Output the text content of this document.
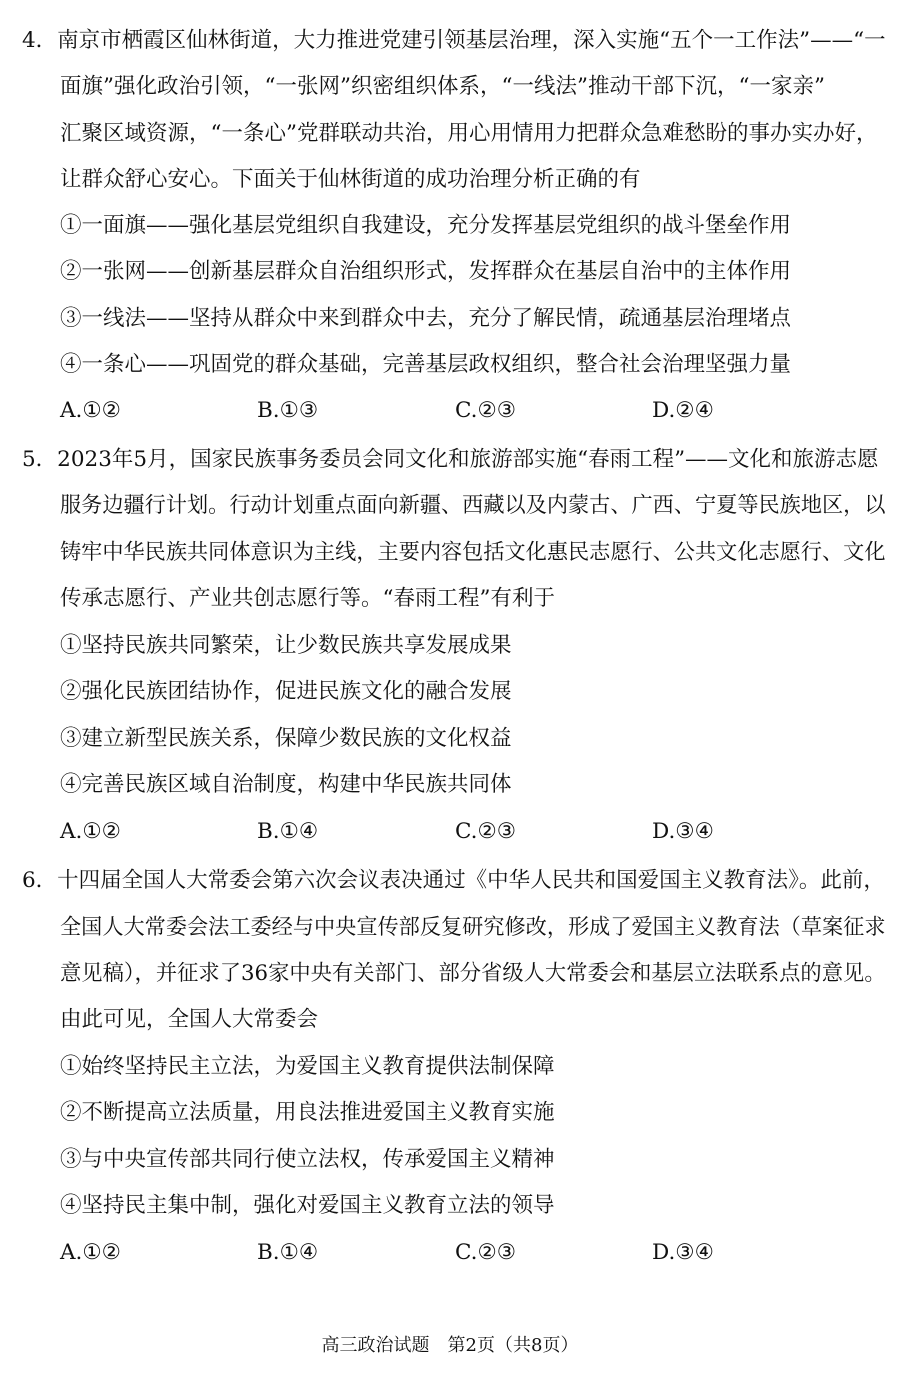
4．南京市栖霞区仙林街道，大力推进党建引领基层治理，深入实施“五个一工作法”——“一
面旗”强化政治引领，“一张网”织密组织体系，“一线法”推动干部下沉，“一家亲”
汇聚区域资源，“一条心”党群联动共治，用心用情用力把群众急难愁盼的事办实办好，
让群众舒心安心。下面关于仙林街道的成功治理分析正确的有
①一面旗——强化基层党组织自我建设，充分发挥基层党组织的战斗堡垒作用
②一张网——创新基层群众自治组织形式，发挥群众在基层自治中的主体作用
③一线法——坚持从群众中来到群众中去，充分了解民情，疏通基层治理堵点
④一条心——巩固党的群众基础，完善基层政权组织，整合社会治理坚强力量
A.①②	B.①③	C.②③	D.②④
5．2023年5月，国家民族事务委员会同文化和旅游部实施“春雨工程”——文化和旅游志愿
服务边疆行计划。行动计划重点面向新疆、西藏以及内蒙古、广西、宁夏等民族地区，以
铸牢中华民族共同体意识为主线，主要内容包括文化惠民志愿行、公共文化志愿行、文化
传承志愿行、产业共创志愿行等。“春雨工程”有利于
①坚持民族共同繁荣，让少数民族共享发展成果
②强化民族团结协作，促进民族文化的融合发展
③建立新型民族关系，保障少数民族的文化权益
④完善民族区域自治制度，构建中华民族共同体
A.①②	B.①④	C.②③	D.③④
6．十四届全国人大常委会第六次会议表决通过《中华人民共和国爱国主义教育法》。此前，
全国人大常委会法工委经与中央宣传部反复研究修改，形成了爱国主义教育法（草案征求
意见稿），并征求了36家中央有关部门、部分省级人大常委会和基层立法联系点的意见。
由此可见，全国人大常委会
①始终坚持民主立法，为爱国主义教育提供法制保障
②不断提高立法质量，用良法推进爱国主义教育实施
③与中央宣传部共同行使立法权，传承爱国主义精神
④坚持民主集中制，强化对爱国主义教育立法的领导
A.①②	B.①④	C.②③	D.③④
高三政治试题　第2页（共8页）
